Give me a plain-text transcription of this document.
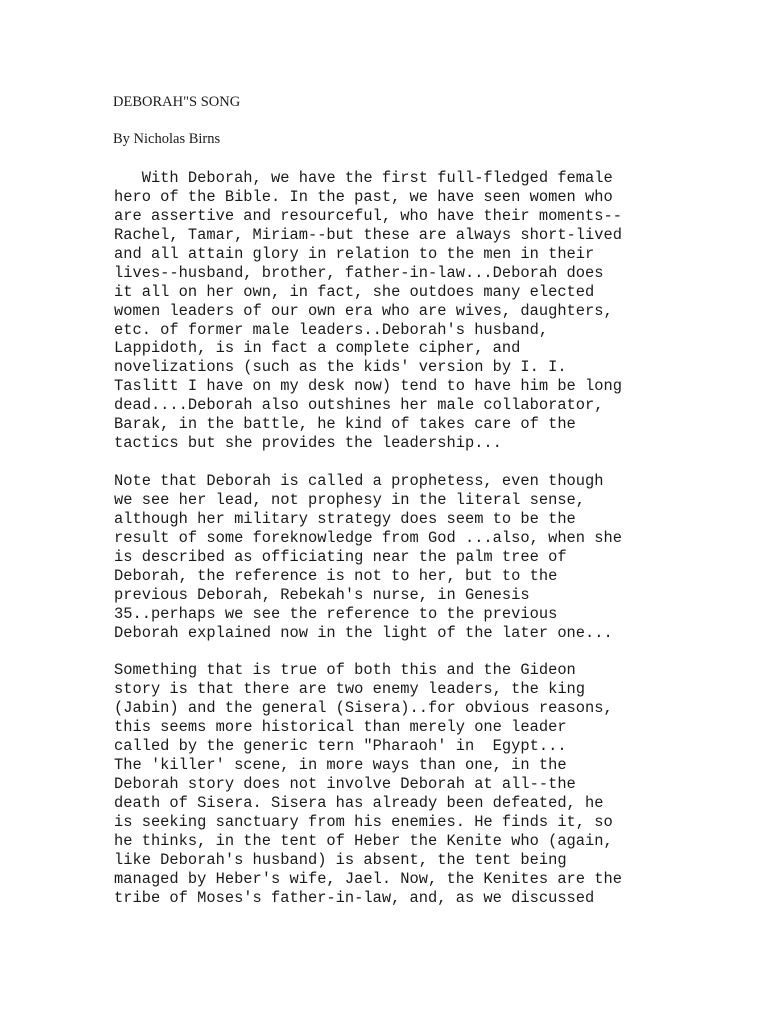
DEBORAH"S SONG
By Nicholas Birns
With Deborah, we have the first full-fledged female
hero of the Bible. In the past, we have seen women who
are assertive and resourceful, who have their moments--
Rachel, Tamar, Miriam--but these are always short-lived
and all attain glory in relation to the men in their
lives--husband, brother, father-in-law...Deborah does
it all on her own, in fact, she outdoes many elected
women leaders of our own era who are wives, daughters,
etc. of former male leaders..Deborah's husband,
Lappidoth, is in fact a complete cipher, and
novelizations (such as the kids' version by I. I.
Taslitt I have on my desk now) tend to have him be long
dead....Deborah also outshines her male collaborator,
Barak, in the battle, he kind of takes care of the
tactics but she provides the leadership...
Note that Deborah is called a prophetess, even though
we see her lead, not prophesy in the literal sense,
although her military strategy does seem to be the
result of some foreknowledge from God ...also, when she
is described as officiating near the palm tree of
Deborah, the reference is not to her, but to the
previous Deborah, Rebekah's nurse, in Genesis
35..perhaps we see the reference to the previous
Deborah explained now in the light of the later one...
Something that is true of both this and the Gideon
story is that there are two enemy leaders, the king
(Jabin) and the general (Sisera)..for obvious reasons,
this seems more historical than merely one leader
called by the generic tern "Pharaoh' in  Egypt...
The 'killer' scene, in more ways than one, in the
Deborah story does not involve Deborah at all--the
death of Sisera. Sisera has already been defeated, he
is seeking sanctuary from his enemies. He finds it, so
he thinks, in the tent of Heber the Kenite who (again,
like Deborah's husband) is absent, the tent being
managed by Heber's wife, Jael. Now, the Kenites are the
tribe of Moses's father-in-law, and, as we discussed
